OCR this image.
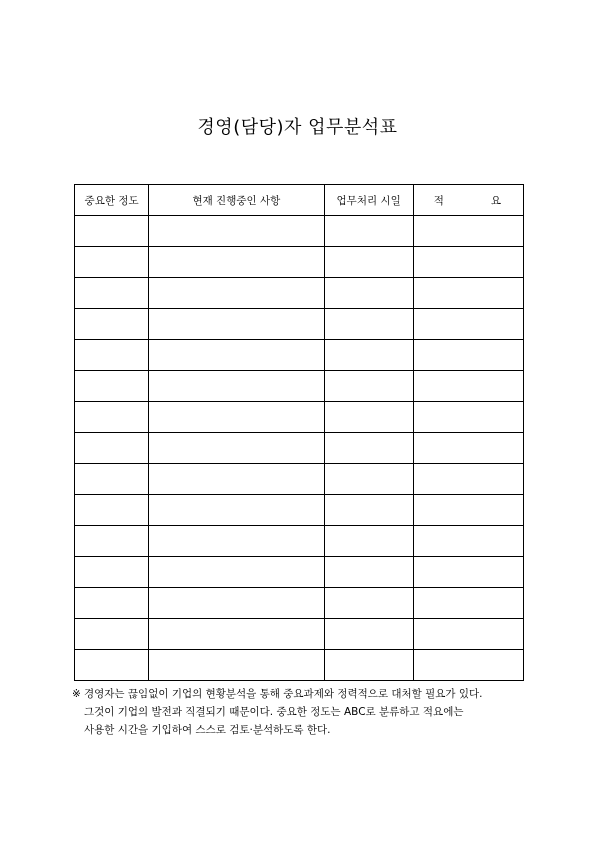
경영(담당)자 업무분석표
중요한 정도	현재 진행중인 사항	업무처리 시일	적 요

※ 경영자는 끊임없이 기업의 현황분석을 통해 중요과제와 정력적으로 대처할 필요가 있다.
그것이 기업의 발전과 직결되기 때문이다. 중요한 정도는 ABC로 분류하고 적요에는
사용한 시간을 기입하여 스스로 검토·분석하도록 한다.
